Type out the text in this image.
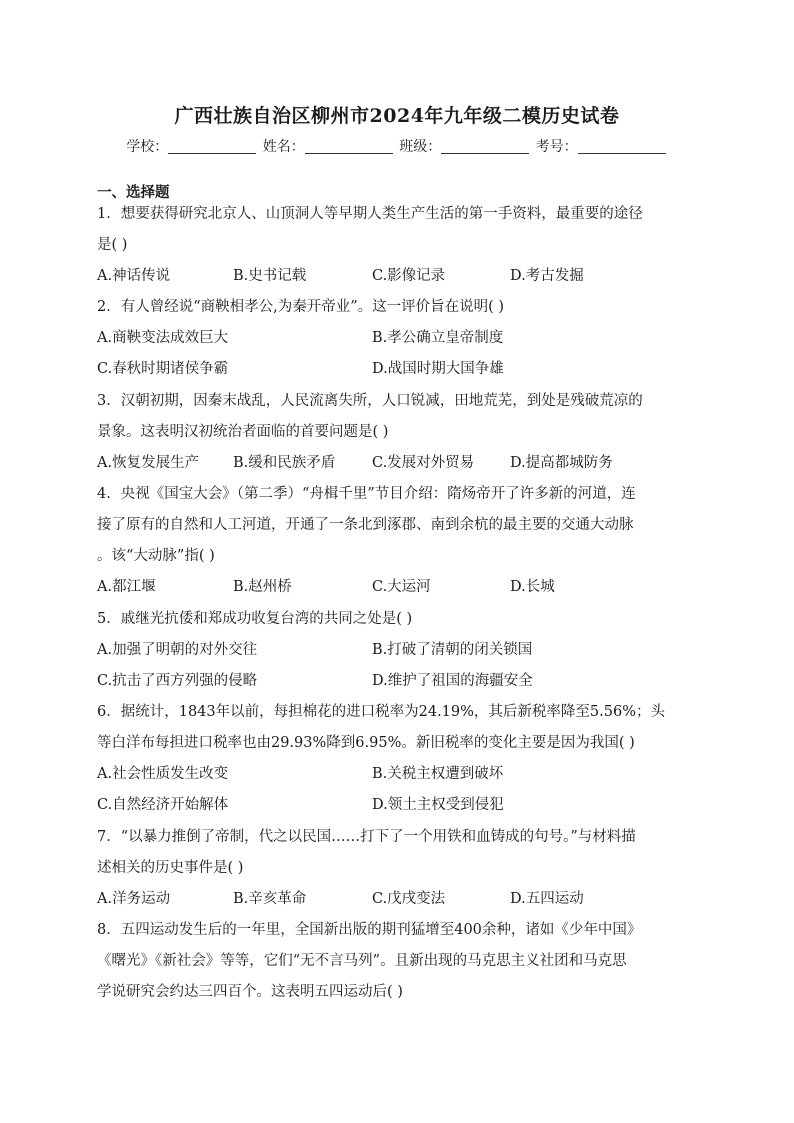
广西壮族自治区柳州市2024年九年级二模历史试卷
学校：	姓名：	班级：	考号：
一、选择题
1．想要获得研究北京人、山顶洞人等早期人类生产生活的第一手资料，最重要的途径
是( )
A.神话传说	B.史书记载	C.影像记录	D.考古发掘
2．有人曾经说“商鞅相孝公,为秦开帝业”。这一评价旨在说明( )
A.商鞅变法成效巨大	B.孝公确立皇帝制度
C.春秋时期诸侯争霸	D.战国时期大国争雄
3．汉朝初期，因秦末战乱，人民流离失所，人口锐减，田地荒芜，到处是残破荒凉的
景象。这表明汉初统治者面临的首要问题是( )
A.恢复发展生产 B.缓和民族矛盾	C.发展对外贸易 D.提高都城防务
4．央视《国宝大会》（第二季）“舟楫千里”节目介绍：隋炀帝开了许多新的河道，连
接了原有的自然和人工河道，开通了一条北到涿郡、南到余杭的最主要的交通大动脉
。该“大动脉”指( )
A.都江堰	B.赵州桥	C.大运河	D.长城
5．戚继光抗倭和郑成功收复台湾的共同之处是( )
A.加强了明朝的对外交往	B.打破了清朝的闭关锁国
C.抗击了西方列强的侵略	D.维护了祖国的海疆安全
6．据统计，1843年以前，每担棉花的进口税率为24.19%，其后新税率降至5.56%；头
等白洋布每担进口税率也由29.93%降到6.95%。新旧税率的变化主要是因为我国( )
A.社会性质发生改变	B.关税主权遭到破坏
C.自然经济开始解体	D.领土主权受到侵犯
7．“以暴力推倒了帝制，代之以民国……打下了一个用铁和血铸成的句号。”与材料描
述相关的历史事件是( )
A.洋务运动	B.辛亥革命	C.戊戌变法	D.五四运动
8．五四运动发生后的一年里，全国新出版的期刊猛增至400余种，诸如《少年中国》
《曙光》《新社会》等等，它们“无不言马列”。且新出现的马克思主义社团和马克思
学说研究会约达三四百个。这表明五四运动后( )
